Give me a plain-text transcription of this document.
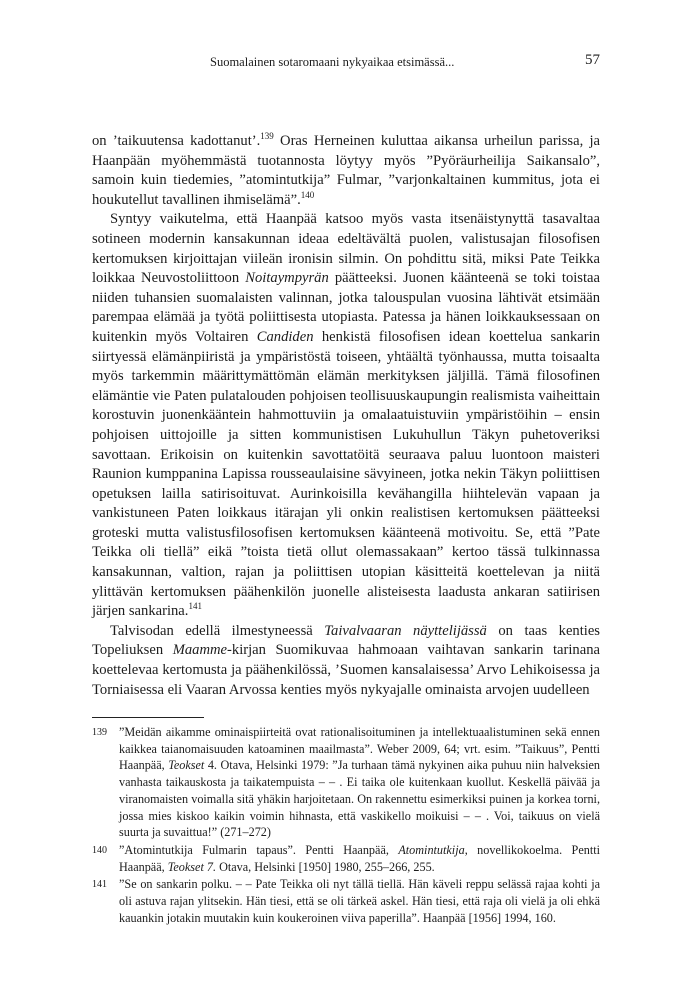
Suomalainen sotaromaani nykyaikaa etsimässä...	57

on ’taikuutensa kadottanut’.$^{139}$ Oras Herneinen kuluttaa aikansa urheilun parissa, ja Haanpään myöhemmästä tuotannosta löytyy myös ”Pyöräurheilija Saikansalo”, samoin kuin tiedemies, ”atomintutkija” Fulmar, ”varjonkaltainen kummitus, jota ei houkutellut tavallinen ihmiselämä”.$^{140}$

Syntyy vaikutelma, että Haanpää katsoo myös vasta itsenäistynyttä tasavaltaa sotineen modernin kansakunnan ideaa edeltävältä puolen, valistusajan filosofisen kertomuksen kirjoittajan viileän ironisin silmin. On pohdittu sitä, miksi Pate Teikka loikkaa Neuvostoliittoon Noitaympyrän päätteeksi. Juonen käänteenä se toki toistaa niiden tuhansien suomalaisten valinnan, jotka talouspulan vuosina lähtivät etsimään parempaa elämää ja työtä poliittisesta utopiasta. Patessa ja hänen loikkauksessaan on kuitenkin myös Voltairen Candiden henkistä filosofisen idean koettelua sankarin siirtyessä elämänpiiristä ja ympäristöstä toiseen, yhtäältä työnhaussa, mutta toisaalta myös tarkemmin määrittymättömän elämän merkityksen jäljillä. Tämä filosofinen elämäntie vie Paten pulatalouden pohjoisen teollisuuskaupungin realismista vaiheittain korostuvin juonenkääntein hahmottuviin ja omalaatuistuviin ympäristöihin – ensin pohjoisen uittojoille ja sitten kommunistisen Lukuhullun Täkyn puhetoveriksi savottaan. Erikoisin on kuitenkin savottatöitä seuraava paluu luontoon maisteri Raunion kumppanina Lapissa rousseaulaisine sävyineen, jotka nekin Täkyn poliittisen opetuksen lailla satirisoituvat. Aurinkoisilla kevähangilla hiihtelevän vapaan ja vankistuneen Paten loikkaus itärajan yli onkin realistisen kertomuksen päätteeksi groteski mutta valistusfilosofisen kertomuksen käänteenä motivoitu. Se, että ”Pate Teikka oli tiellä” eikä ”toista tietä ollut olemassakaan” kertoo tässä tulkinnassa kansakunnan, valtion, rajan ja poliittisen utopian käsitteitä koettelevan ja niitä ylittävän kertomuksen päähenkilön juonelle alisteisesta laadusta ankaran satiirisen järjen sankarina.$^{141}$

Talvisodan edellä ilmestyneessä Taivalvaaran näyttelijässä on taas kenties Topeliuksen Maamme-kirjan Suomikuvaa hahmoaan vaihtavan sankarin tarinana koettelevaa kertomusta ja päähenkilössä, ’Suomen kansalaisessa’ Arvo Lehikoisessa ja Torniaisessa eli Vaaran Arvossa kenties myös nykyajalle ominaista arvojen uudelleen

139 ”Meidän aikamme ominaispiirteitä ovat rationalisoituminen ja intellektuaalistuminen sekä ennen kaikkea taianomaisuuden katoaminen maailmasta”. Weber 2009, 64; vrt. esim. ”Taikuus”, Pentti Haanpää, Teokset 4. Otava, Helsinki 1979: ”Ja turhaan tämä nykyinen aika puhuu niin halveksien vanhasta taikauskosta ja taikatempuista – – . Ei taika ole kuitenkaan kuollut. Keskellä päivää ja viranomaisten voimalla sitä yhäkin harjoitetaan. On rakennettu esimerkiksi puinen ja korkea torni, jossa mies kiskoo kaikin voimin hihnasta, että vaskikello moikuisi – – . Voi, taikuus on vielä suurta ja suvaittua!” (271–272)
140 ”Atomintutkija Fulmarin tapaus”. Pentti Haanpää, Atomintutkija, novellikokoelma. Pentti Haanpää, Teokset 7. Otava, Helsinki [1950] 1980, 255–266, 255.
141 ”Se on sankarin polku. – – Pate Teikka oli nyt tällä tiellä. Hän käveli reppu selässä rajaa kohti ja oli astuva rajan ylitsekin. Hän tiesi, että se oli tärkeä askel. Hän tiesi, että raja oli vielä ja oli ehkä kauankin jotakin muutakin kuin koukeroinen viiva paperilla”. Haanpää [1956] 1994, 160.
